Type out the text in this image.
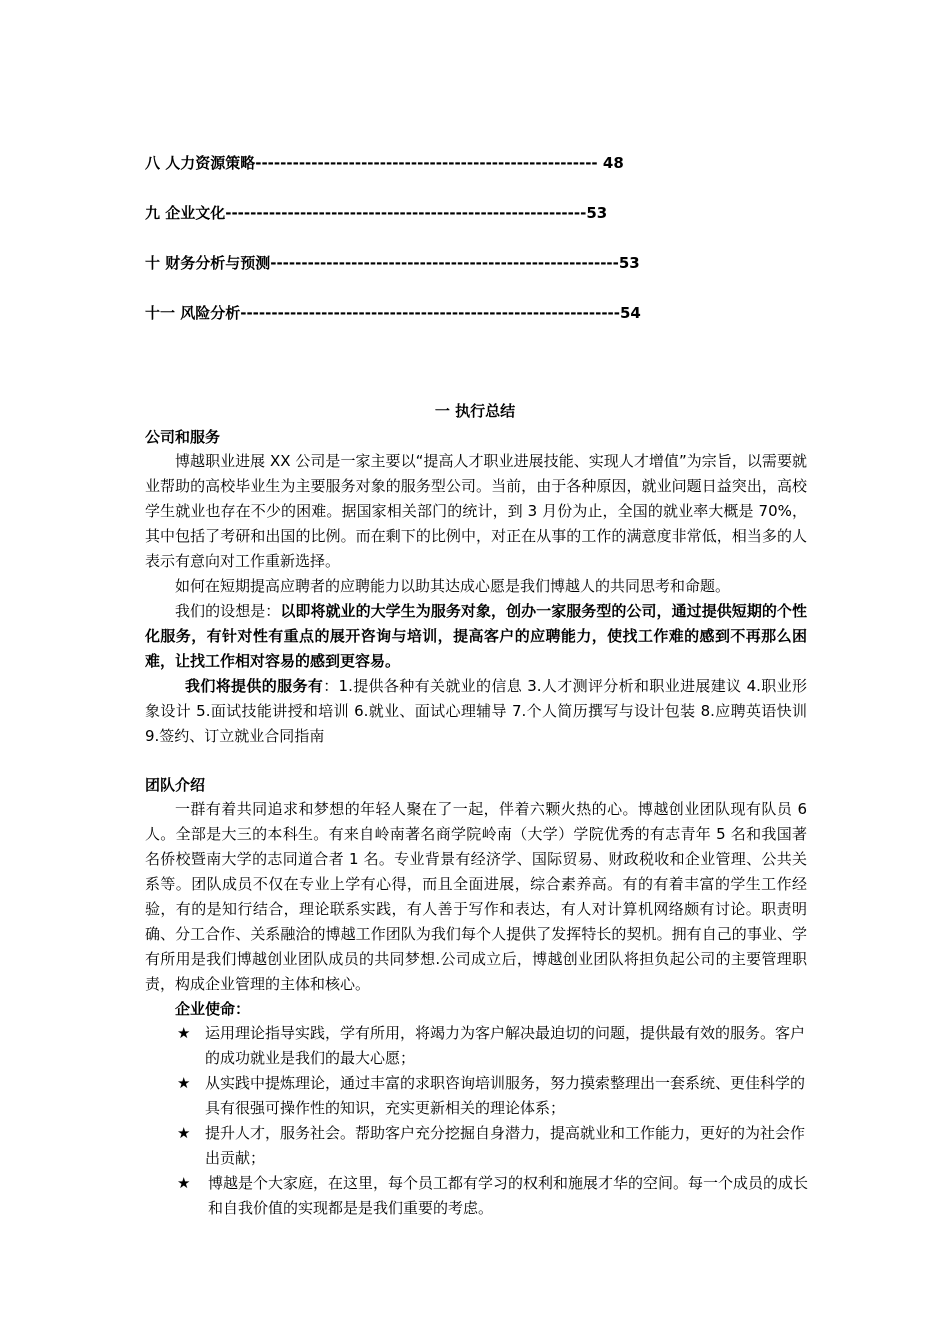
八 人力资源策略------------------------------------------------------- 48
九 企业文化----------------------------------------------------------53
十 财务分析与预测--------------------------------------------------------53
十一 风险分析-------------------------------------------------------------54
一 执行总结
公司和服务
博越职业进展 XX 公司是一家主要以“提高人才职业进展技能、实现人才增值”为宗旨，以需要就业帮助的高校毕业生为主要服务对象的服务型公司。当前，由于各种原因，就业问题日益突出，高校学生就业也存在不少的困难。据国家相关部门的统计，到 3 月份为止，全国的就业率大概是 70%，其中包括了考研和出国的比例。而在剩下的比例中，对正在从事的工作的满意度非常低，相当多的人表示有意向对工作重新选择。
如何在短期提高应聘者的应聘能力以助其达成心愿是我们博越人的共同思考和命题。
我们的设想是：以即将就业的大学生为服务对象，创办一家服务型的公司，通过提供短期的个性化服务，有针对性有重点的展开咨询与培训，提高客户的应聘能力，使找工作难的感到不再那么困难，让找工作相对容易的感到更容易。
我们将提供的服务有：1.提供各种有关就业的信息 3.人才测评分析和职业进展建议 4.职业形象设计 5.面试技能讲授和培训 6.就业、面试心理辅导 7.个人简历撰写与设计包装 8.应聘英语快训 9.签约、订立就业合同指南
团队介绍
一群有着共同追求和梦想的年轻人聚在了一起，伴着六颗火热的心。博越创业团队现有队员 6 人。全部是大三的本科生。有来自岭南著名商学院岭南（大学）学院优秀的有志青年 5 名和我国著名侨校暨南大学的志同道合者 1 名。专业背景有经济学、国际贸易、财政税收和企业管理、公共关系等。团队成员不仅在专业上学有心得，而且全面进展，综合素养高。有的有着丰富的学生工作经验，有的是知行结合，理论联系实践，有人善于写作和表达，有人对计算机网络颇有讨论。职责明确、分工合作、关系融洽的博越工作团队为我们每个人提供了发挥特长的契机。拥有自己的事业、学有所用是我们博越创业团队成员的共同梦想.公司成立后，博越创业团队将担负起公司的主要管理职责，构成企业管理的主体和核心。
企业使命：
★ 运用理论指导实践，学有所用，将竭力为客户解决最迫切的问题，提供最有效的服务。客户的成功就业是我们的最大心愿；
★ 从实践中提炼理论，通过丰富的求职咨询培训服务，努力摸索整理出一套系统、更佳科学的具有很强可操作性的知识，充实更新相关的理论体系；
★ 提升人才，服务社会。帮助客户充分挖掘自身潜力，提高就业和工作能力，更好的为社会作出贡献；
★	博越是个大家庭，在这里，每个员工都有学习的权利和施展才华的空间。每一个成员的成长和自我价值的实现都是是我们重要的考虑。
